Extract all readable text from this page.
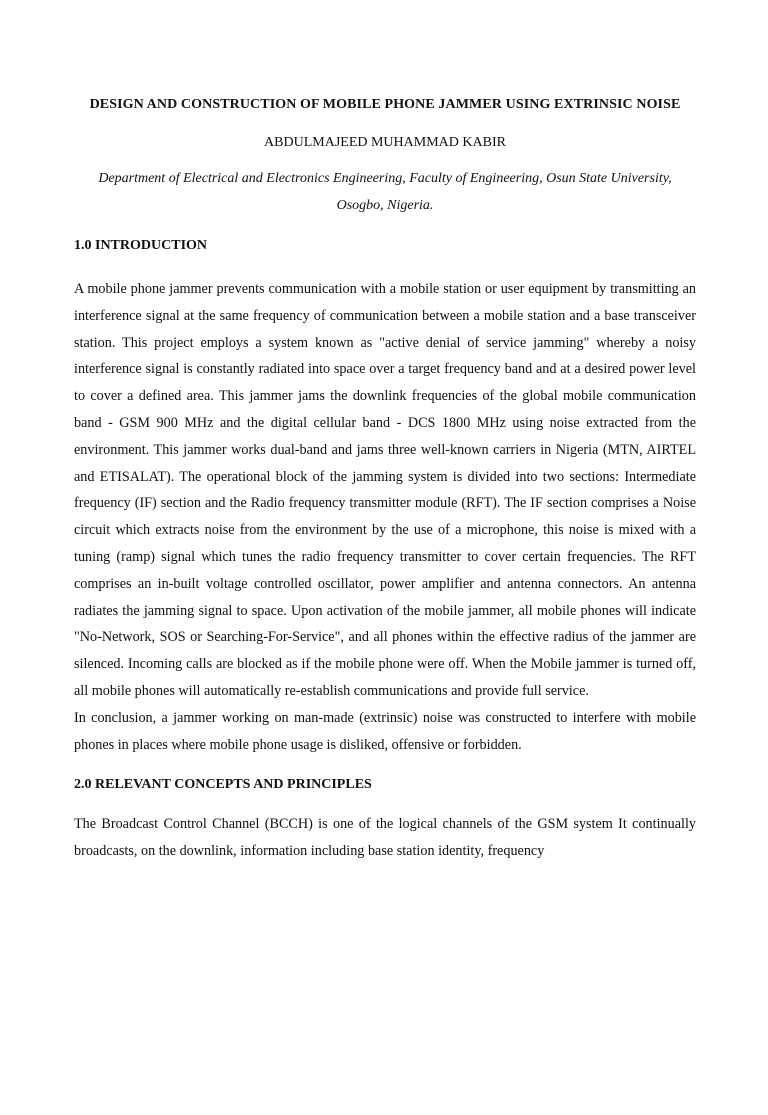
DESIGN AND CONSTRUCTION OF MOBILE PHONE JAMMER USING EXTRINSIC NOISE

ABDULMAJEED MUHAMMAD KABIR

Department of Electrical and Electronics Engineering, Faculty of Engineering, Osun State University, Osogbo, Nigeria.

1.0 INTRODUCTION

A mobile phone jammer prevents communication with a mobile station or user equipment by transmitting an interference signal at the same frequency of communication between a mobile station and a base transceiver station. This project employs a system known as "active denial of service jamming" whereby a noisy interference signal is constantly radiated into space over a target frequency band and at a desired power level to cover a defined area. This jammer jams the downlink frequencies of the global mobile communication band - GSM 900 MHz and the digital cellular band - DCS 1800 MHz using noise extracted from the environment. This jammer works dual-band and jams three well-known carriers in Nigeria (MTN, AIRTEL and ETISALAT). The operational block of the jamming system is divided into two sections: Intermediate frequency (IF) section and the Radio frequency transmitter module (RFT). The IF section comprises a Noise circuit which extracts noise from the environment by the use of a microphone, this noise is mixed with a tuning (ramp) signal which tunes the radio frequency transmitter to cover certain frequencies. The RFT comprises an in-built voltage controlled oscillator, power amplifier and antenna connectors. An antenna radiates the jamming signal to space. Upon activation of the mobile jammer, all mobile phones will indicate "No-Network, SOS or Searching-For-Service", and all phones within the effective radius of the jammer are silenced. Incoming calls are blocked as if the mobile phone were off. When the Mobile jammer is turned off, all mobile phones will automatically re-establish communications and provide full service.

In conclusion, a jammer working on man-made (extrinsic) noise was constructed to interfere with mobile phones in places where mobile phone usage is disliked, offensive or forbidden.

2.0 RELEVANT CONCEPTS AND PRINCIPLES

The Broadcast Control Channel (BCCH) is one of the logical channels of the GSM system It continually broadcasts, on the downlink, information including base station identity, frequency
